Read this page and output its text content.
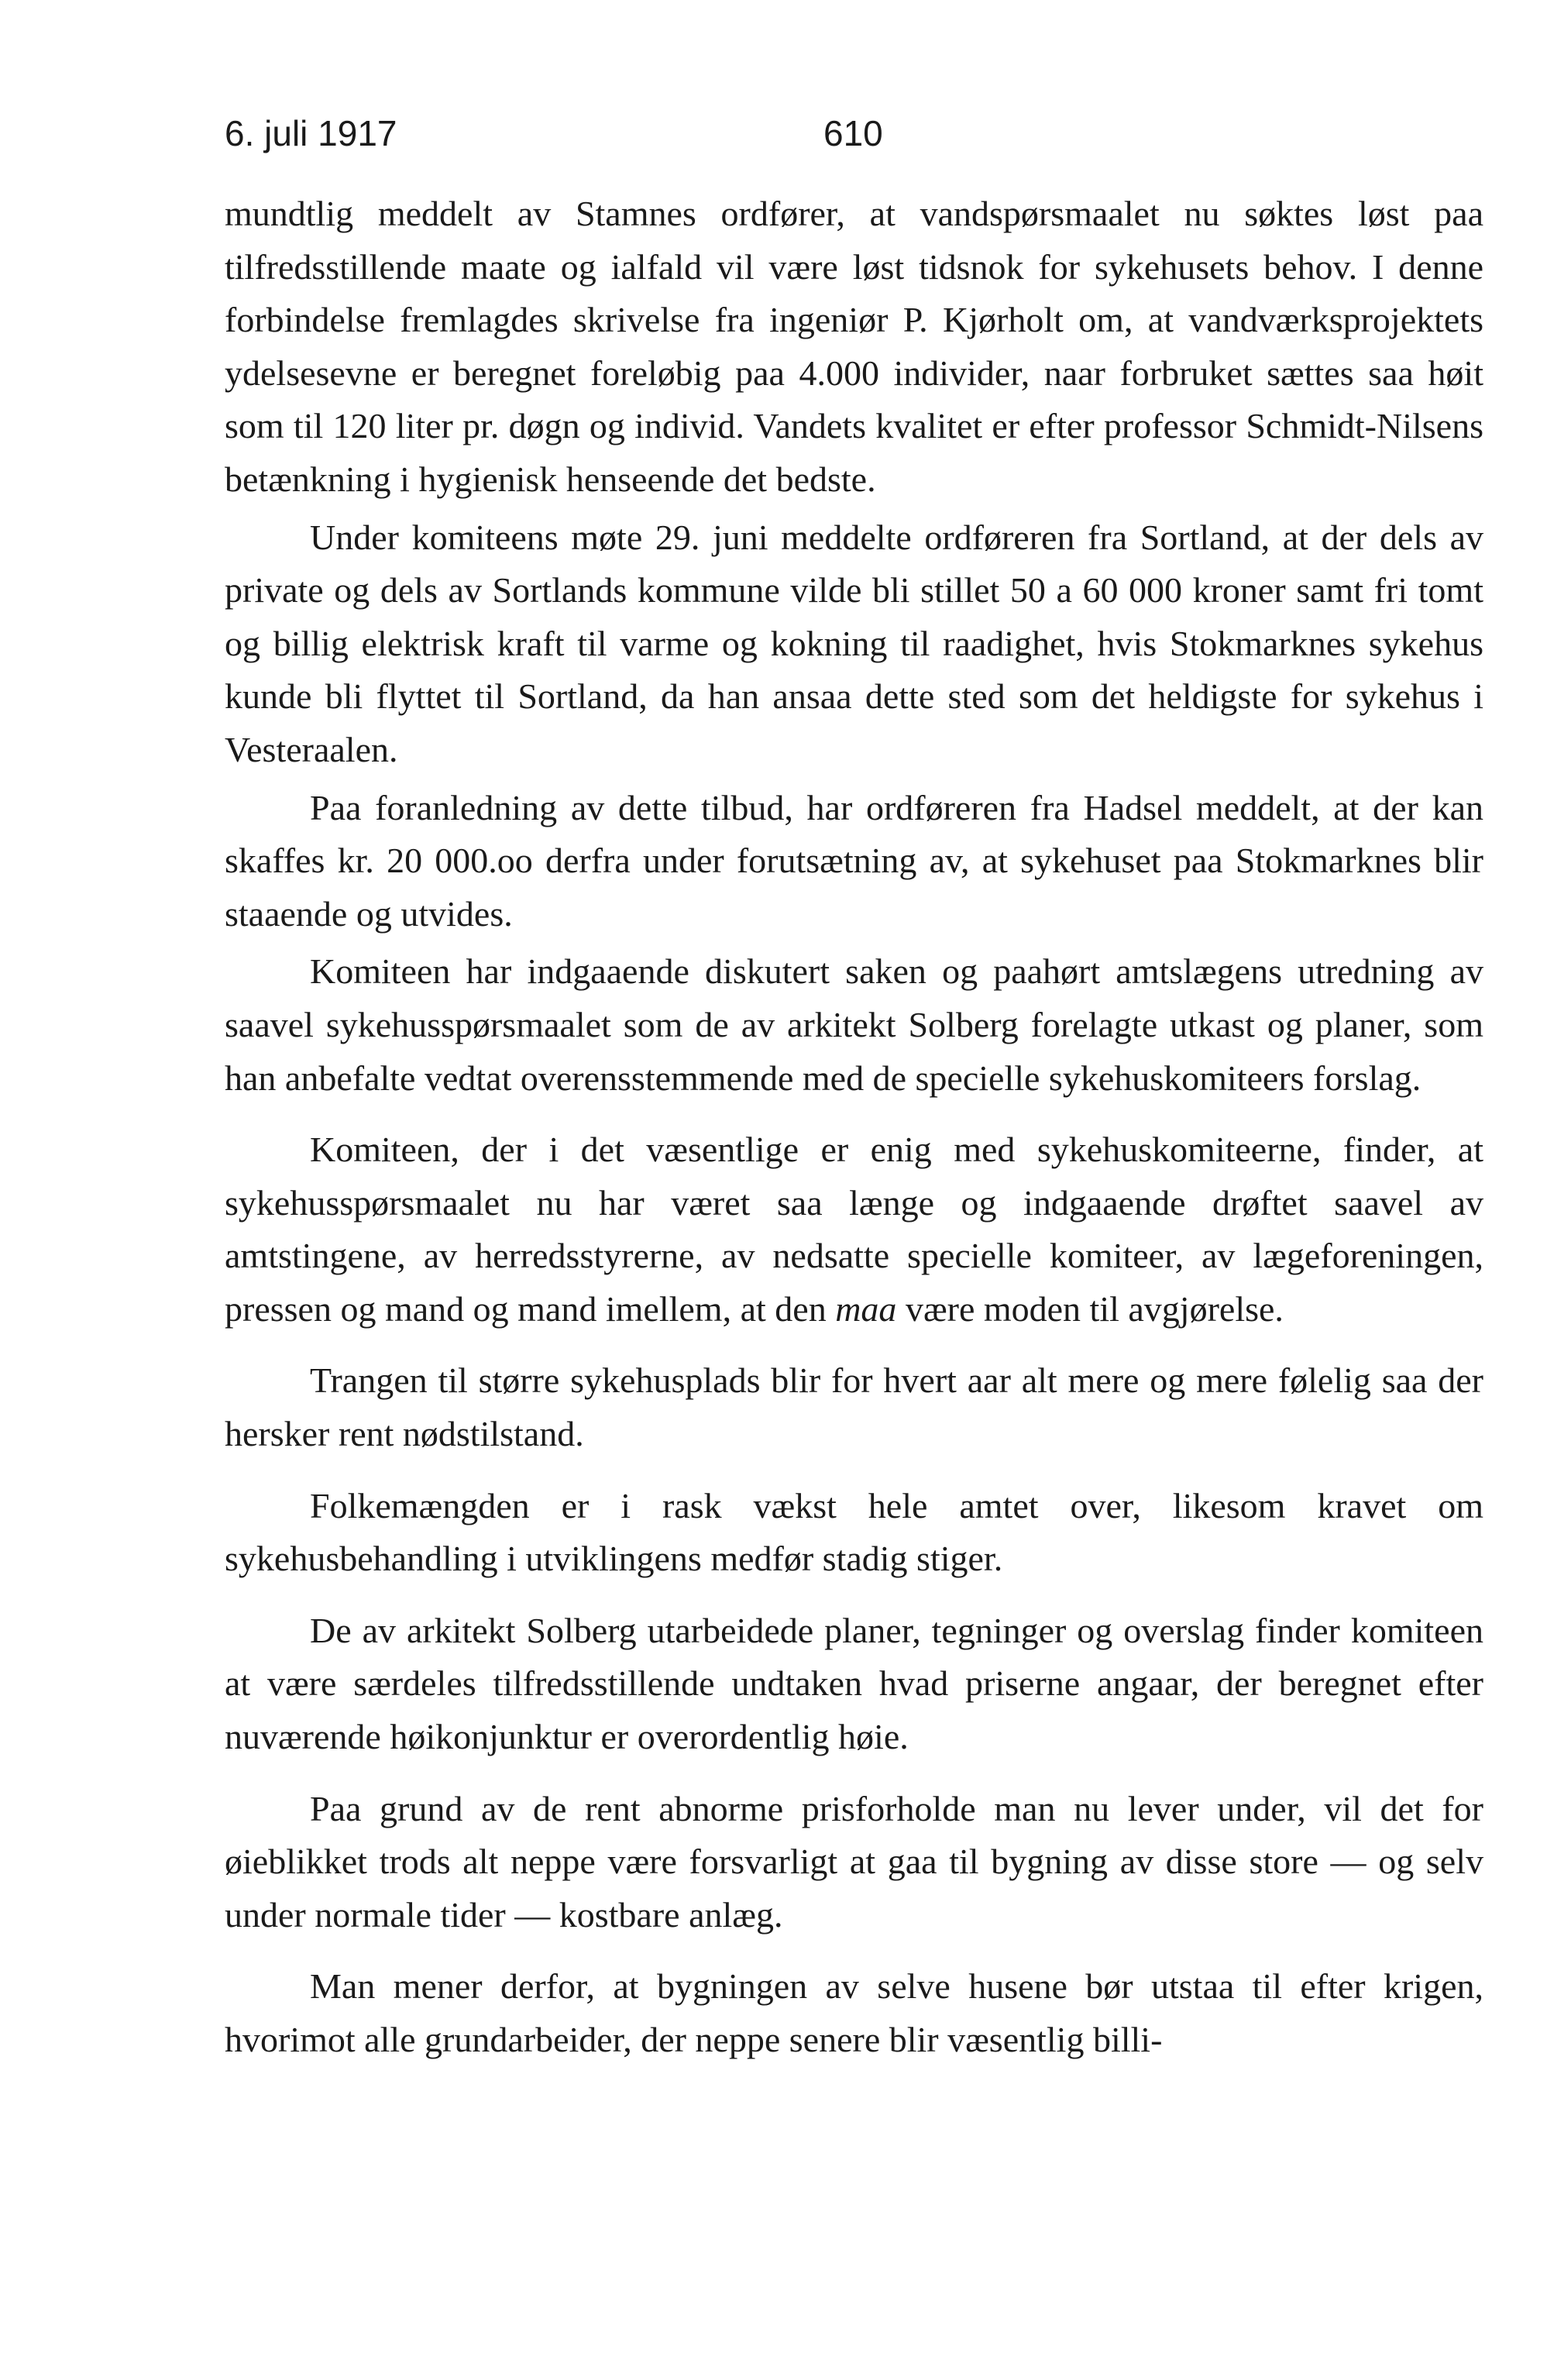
6. juli 1917	610

mundtlig meddelt av Stamnes ordfører, at vandspørsmaalet nu søktes løst paa tilfredsstillende maate og ialfald vil være løst tidsnok for sykehusets behov. I denne forbindelse fremlagdes skrivelse fra ingeniør P. Kjørholt om, at vandværksprojektets ydelsesevne er beregnet foreløbig paa 4.000 individer, naar forbruket sættes saa høit som til 120 liter pr. døgn og individ. Vandets kvalitet er efter professor Schmidt-Nilsens betænkning i hygienisk henseende det bedste.

Under komiteens møte 29. juni meddelte ordføreren fra Sortland, at der dels av private og dels av Sortlands kommune vilde bli stillet 50 a 60 000 kroner samt fri tomt og billig elektrisk kraft til varme og kokning til raadighet, hvis Stokmarknes sykehus kunde bli flyttet til Sortland, da han ansaa dette sted som det heldigste for sykehus i Vesteraalen.

Paa foranledning av dette tilbud, har ordføreren fra Hadsel meddelt, at der kan skaffes kr. 20 000.oo derfra under forutsætning av, at sykehuset paa Stokmarknes blir staaende og utvides.

Komiteen har indgaaende diskutert saken og paahørt amtslægens utredning av saavel sykehusspørsmaalet som de av arkitekt Solberg forelagte utkast og planer, som han anbefalte vedtat overensstemmende med de specielle sykehuskomiteers forslag.

Komiteen, der i det væsentlige er enig med sykehuskomiteerne, finder, at sykehusspørsmaalet nu har været saa længe og indgaaende drøftet saavel av amtstingene, av herredsstyrerne, av nedsatte specielle komiteer, av lægeforeningen, pressen og mand og mand imellem, at den maa være moden til avgjørelse.

Trangen til større sykehusplads blir for hvert aar alt mere og mere følelig saa der hersker rent nødstilstand.

Folkemængden er i rask vækst hele amtet over, likesom kravet om sykehusbehandling i utviklingens medfør stadig stiger.

De av arkitekt Solberg utarbeidede planer, tegninger og overslag finder komiteen at være særdeles tilfredsstillende undtaken hvad priserne angaar, der beregnet efter nuværende høikonjunktur er overordentlig høie.

Paa grund av de rent abnorme prisforholde man nu lever under, vil det for øieblikket trods alt neppe være forsvarligt at gaa til bygning av disse store — og selv under normale tider — kostbare anlæg.

Man mener derfor, at bygningen av selve husene bør utstaa til efter krigen, hvorimot alle grundarbeider, der neppe senere blir væsentlig billi-
